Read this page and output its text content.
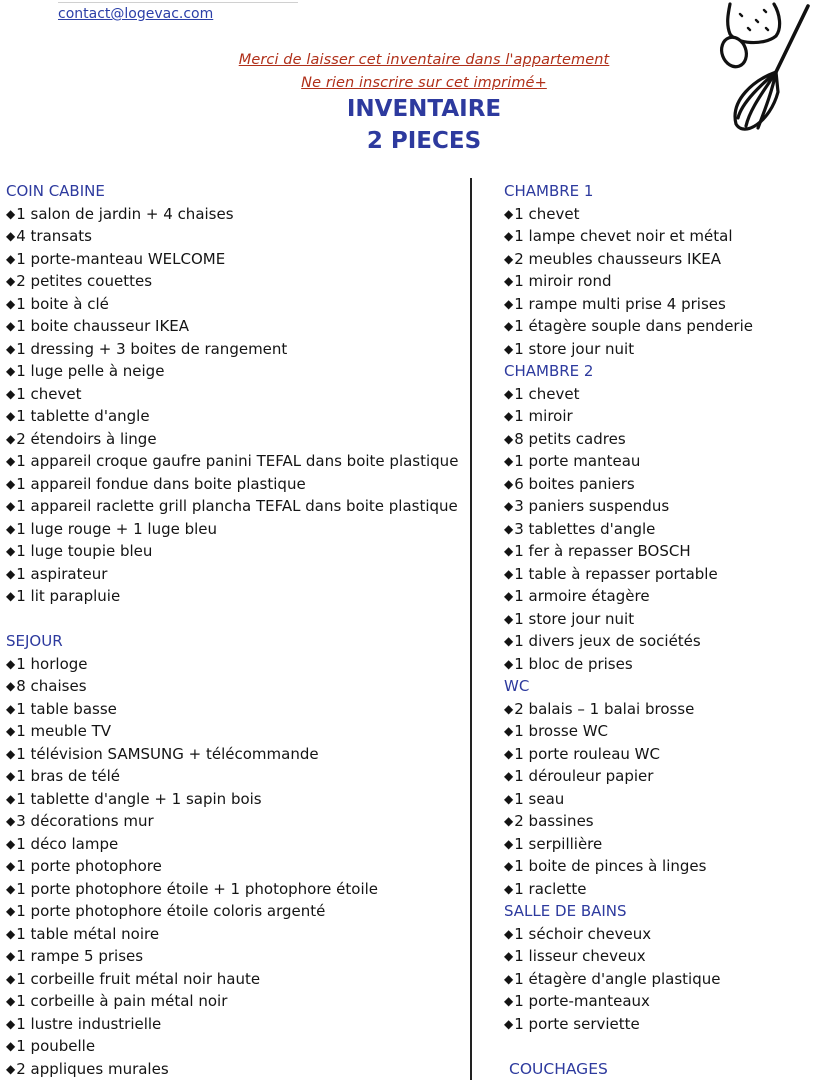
contact@logevac.com
Merci de laisser cet inventaire dans l'appartement
Ne rien inscrire sur cet imprimé+
INVENTAIRE
2 PIECES
COIN CABINE
◆1 salon de jardin + 4 chaises
◆4 transats
◆1 porte-manteau WELCOME
◆2 petites couettes
◆1 boite à clé
◆1 boite chausseur IKEA
◆1 dressing + 3 boites de rangement
◆1 luge pelle à neige
◆1 chevet
◆1 tablette d'angle
◆2 étendoirs à linge
◆1 appareil croque gaufre panini TEFAL dans boite plastique
◆1 appareil fondue dans boite plastique
◆1 appareil raclette grill plancha TEFAL dans boite plastique
◆1 luge rouge + 1 luge bleu
◆1 luge toupie bleu
◆1 aspirateur
◆1 lit parapluie
SEJOUR
◆1 horloge
◆8 chaises
◆1 table basse
◆1 meuble TV
◆1 télévision SAMSUNG + télécommande
◆1 bras de télé
◆1 tablette d'angle + 1 sapin bois
◆3 décorations mur
◆1 déco lampe
◆1 porte photophore
◆1 porte photophore étoile + 1 photophore étoile
◆1 porte photophore étoile coloris argenté
◆1 table métal noire
◆1 rampe 5 prises
◆1 corbeille fruit métal noir haute
◆1 corbeille à pain métal noir
◆1 lustre industrielle
◆1 poubelle
◆2 appliques murales
CHAMBRE 1
◆1 chevet
◆1 lampe chevet noir et métal
◆2 meubles chausseurs IKEA
◆1 miroir rond
◆1 rampe multi prise 4 prises
◆1 étagère souple dans penderie
◆1 store jour nuit
CHAMBRE 2
◆1 chevet
◆1 miroir
◆8 petits cadres
◆1 porte manteau
◆6 boites paniers
◆3 paniers suspendus
◆3 tablettes d'angle
◆1 fer à repasser BOSCH
◆1 table à repasser portable
◆1 armoire étagère
◆1 store jour nuit
◆1 divers jeux de sociétés
◆1 bloc de prises
WC
◆2 balais – 1 balai brosse
◆1 brosse WC
◆1 porte rouleau WC
◆1 dérouleur papier
◆1 seau
◆2 bassines
◆1 serpillière
◆1 boite de pinces à linges
◆1 raclette
SALLE DE BAINS
◆1 séchoir cheveux
◆1 lisseur cheveux
◆1 étagère d'angle plastique
◆1 porte-manteaux
◆1 porte serviette
COUCHAGES
